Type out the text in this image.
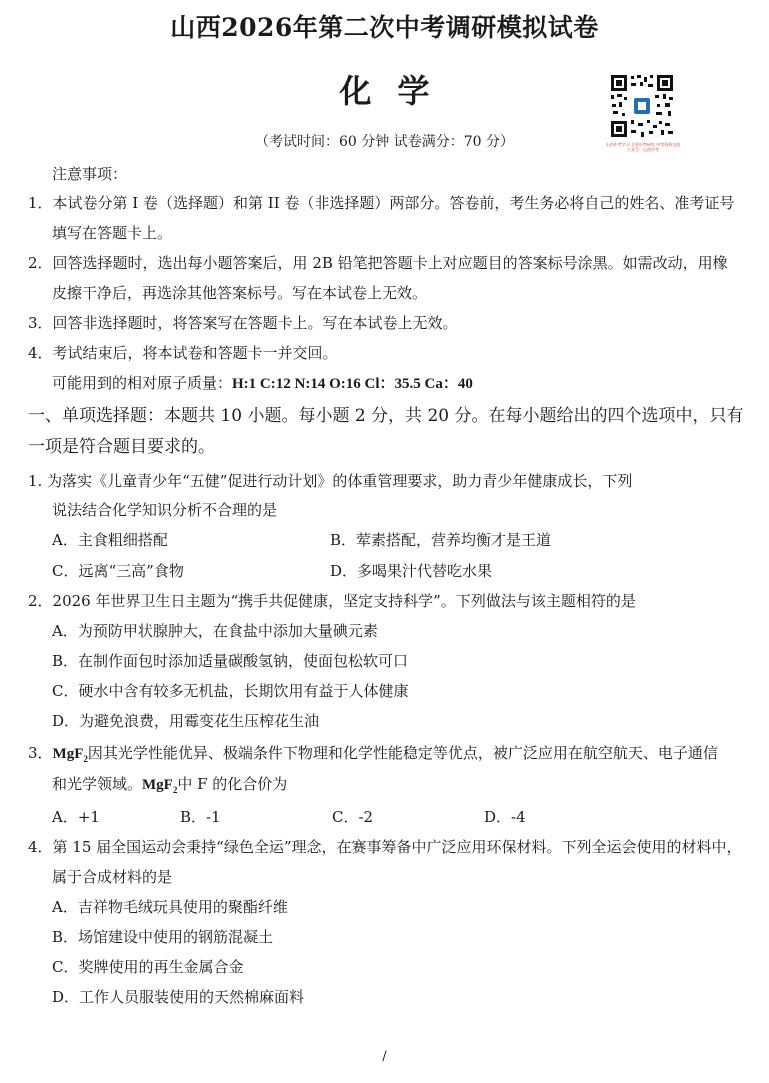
山西2026年第二次中考调研模拟试卷
化学
山西中考学习 全省中考研究 中考资料交流 公众号：山西中考
（考试时间：60 分钟 试卷满分：70 分）
注意事项：
1．本试卷分第 I 卷（选择题）和第 II 卷（非选择题）两部分。答卷前，考生务必将自己的姓名、准考证号
填写在答题卡上。
2．回答选择题时，选出每小题答案后，用 2B 铅笔把答题卡上对应题目的答案标号涂黑。如需改动，用橡
皮擦干净后，再选涂其他答案标号。写在本试卷上无效。
3．回答非选择题时，将答案写在答题卡上。写在本试卷上无效。
4．考试结束后，将本试卷和答题卡一并交回。
可能用到的相对原子质量：H:1 C:12 N:14 O:16 Cl：35.5 Ca：40
一、单项选择题：本题共 10 小题。每小题 2 分，共 20 分。在每小题给出的四个选项中，只有
一项是符合题目要求的。
1. 为落实《儿童青少年“五健”促进行动计划》的体重管理要求，助力青少年健康成长，下列
说法结合化学知识分析不合理的是
A．主食粗细搭配	B．荤素搭配，营养均衡才是王道
C．远离“三高”食物	D．多喝果汁代替吃水果
2．2026 年世界卫生日主题为“携手共促健康，坚定支持科学”。下列做法与该主题相符的是
A．为预防甲状腺肿大，在食盐中添加大量碘元素
B．在制作面包时添加适量碳酸氢钠，使面包松软可口
C．硬水中含有较多无机盐，长期饮用有益于人体健康
D．为避免浪费，用霉变花生压榨花生油
3．MgF$_2$因其光学性能优异、极端条件下物理和化学性能稳定等优点，被广泛应用在航空航天、电子通信
和光学领域。MgF$_2$中 F 的化合价为
A．+1	B．-1	C．-2	D．-4
4．第 15 届全国运动会秉持“绿色全运”理念，在赛事筹备中广泛应用环保材料。下列全运会使用的材料中，
属于合成材料的是
A．吉祥物毛绒玩具使用的聚酯纤维
B．场馆建设中使用的钢筋混凝土
C．奖牌使用的再生金属合金
D．工作人员服装使用的天然棉麻面料
/
